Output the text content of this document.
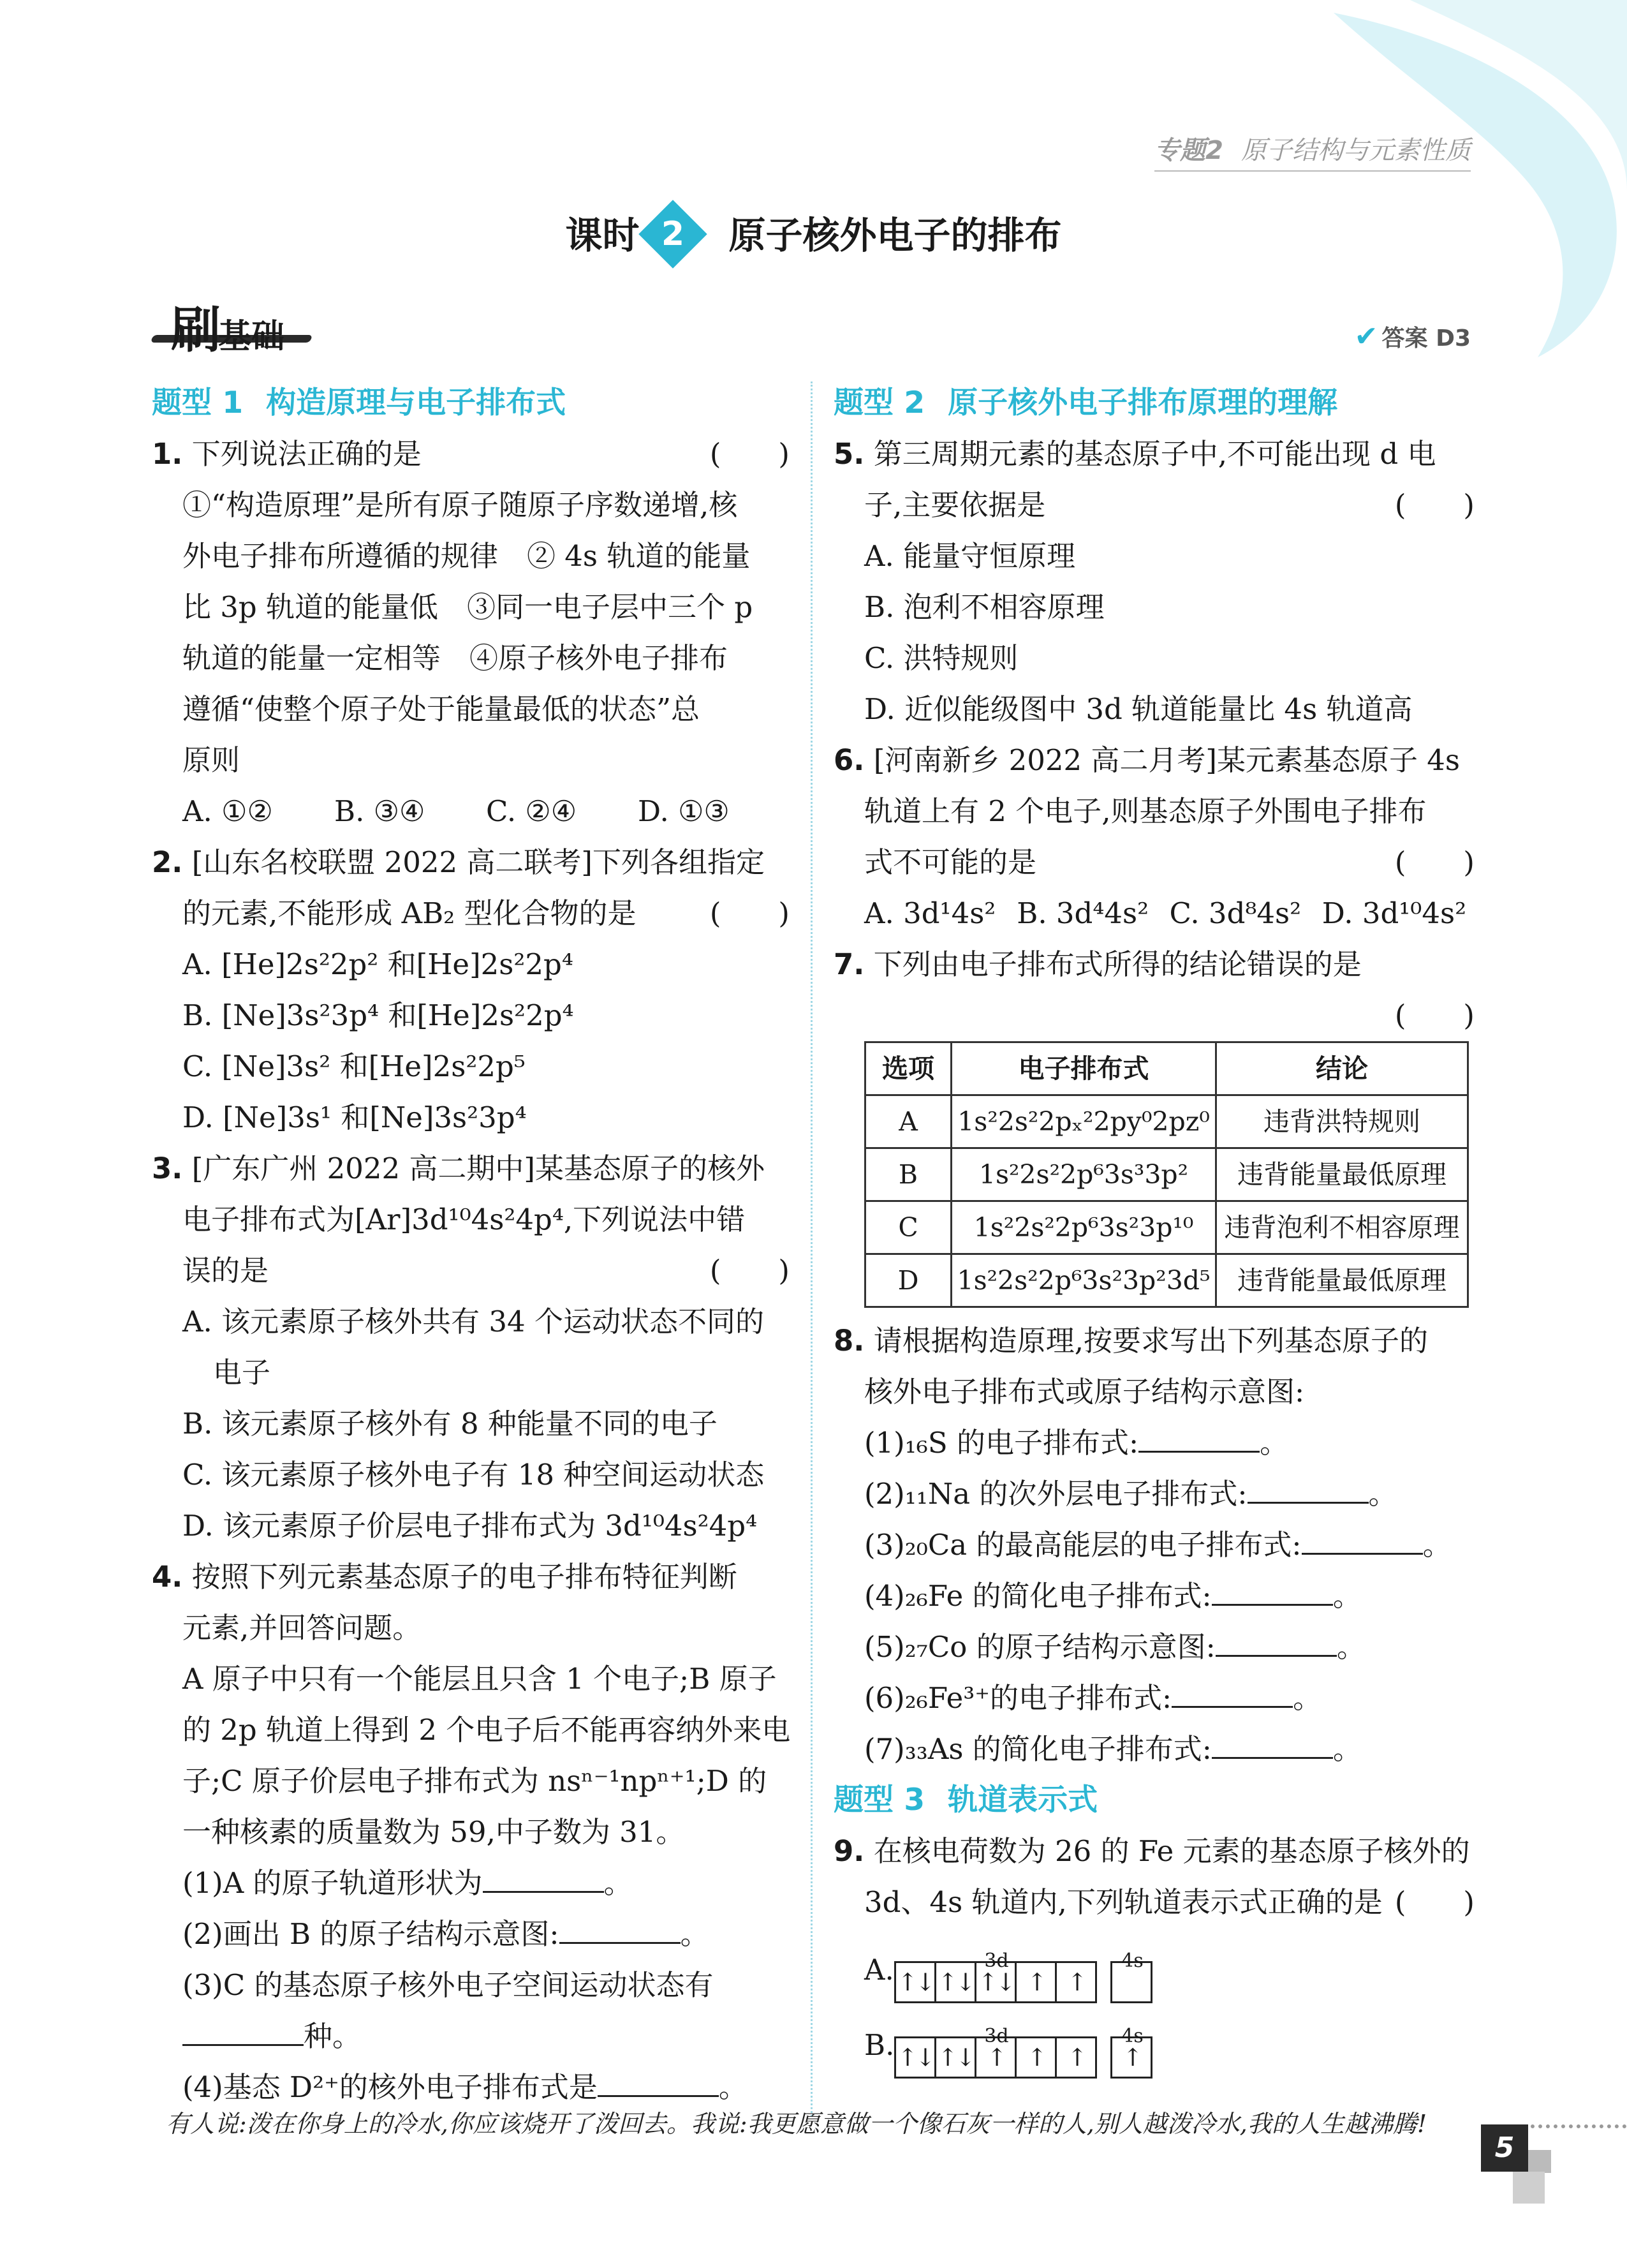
专题2 原子结构与元素性质
课时 2	原子核外电子的排布
刷
基础	✔ 答案 D3
题型 1 构造原理与电子排布式
1. 下列说法正确的是	(　　)
①“构造原理”是所有原子随原子序数递增,核
外电子排布所遵循的规律　② 4s 轨道的能量
比 3p 轨道的能量低　③同一电子层中三个 p
轨道的能量一定相等　④原子核外电子排布
遵循“使整个原子处于能量最低的状态”总
原则
A. ①②	B. ③④	C. ②④	D. ①③
2. [山东名校联盟 2022 高二联考]下列各组指定
的元素,不能形成 AB₂ 型化合物的是	(　　)
A. [He]2s²2p² 和[He]2s²2p⁴
B. [Ne]3s²3p⁴ 和[He]2s²2p⁴
C. [Ne]3s² 和[He]2s²2p⁵
D. [Ne]3s¹ 和[Ne]3s²3p⁴
3. [广东广州 2022 高二期中]某基态原子的核外
电子排布式为[Ar]3d¹⁰4s²4p⁴,下列说法中错
误的是	(　　)
A. 该元素原子核外共有 34 个运动状态不同的
电子
B. 该元素原子核外有 8 种能量不同的电子
C. 该元素原子核外电子有 18 种空间运动状态
D. 该元素原子价层电子排布式为 3d¹⁰4s²4p⁴
4. 按照下列元素基态原子的电子排布特征判断
元素,并回答问题。
A 原子中只有一个能层且只含 1 个电子;B 原子
的 2p 轨道上得到 2 个电子后不能再容纳外来电
子;C 原子价层电子排布式为 nsⁿ⁻¹npⁿ⁺¹;D 的
一种核素的质量数为 59,中子数为 31。
(1)A 的原子轨道形状为	。
(2)画出 B 的原子结构示意图:	。
(3)C 的基态原子核外电子空间运动状态有
种。
(4)基态 D²⁺的核外电子排布式是	。
题型 2 原子核外电子排布原理的理解
5. 第三周期元素的基态原子中,不可能出现 d 电
子,主要依据是	(　　)
A. 能量守恒原理
B. 泡利不相容原理
C. 洪特规则
D. 近似能级图中 3d 轨道能量比 4s 轨道高
6. [河南新乡 2022 高二月考]某元素基态原子 4s
轨道上有 2 个电子,则基态原子外围电子排布
式不可能的是	(　　)
A. 3d¹4s² B. 3d⁴4s² C. 3d⁸4s² D. 3d¹⁰4s²
7. 下列由电子排布式所得的结论错误的是
(　　)
选项	电子排布式	结论
A	1s²2s²2pₓ²2py⁰2pz⁰	违背洪特规则
B	1s²2s²2p⁶3s³3p²	违背能量最低原理
C	1s²2s²2p⁶3s²3p¹⁰	违背泡利不相容原理
D	1s²2s²2p⁶3s²3p²3d⁵	违背能量最低原理
8. 请根据构造原理,按要求写出下列基态原子的
核外电子排布式或原子结构示意图:
(1)₁₆S 的电子排布式:	。
(2)₁₁Na 的次外层电子排布式:	。
(3)₂₀Ca 的最高能层的电子排布式:	。
(4)₂₆Fe 的简化电子排布式:	。
(5)₂₇Co 的原子结构示意图:	。
(6)₂₆Fe³⁺的电子排布式:	。
(7)₃₃As 的简化电子排布式:	。
题型 3 轨道表示式
9. 在核电荷数为 26 的 Fe 元素的基态原子核外的
3d、4s 轨道内,下列轨道表示式正确的是 (　　)
A.	3d
↑↓ ↑↓ ↑↓ ↑ ↑
4s
B.	3d
↑↓ ↑↓ ↑ ↑ ↑
4s
↑
有人说:泼在你身上的冷水,你应该烧开了泼回去。我说:我更愿意做一个像石灰一样的人,别人越泼冷水,我的人生越沸腾!
5
